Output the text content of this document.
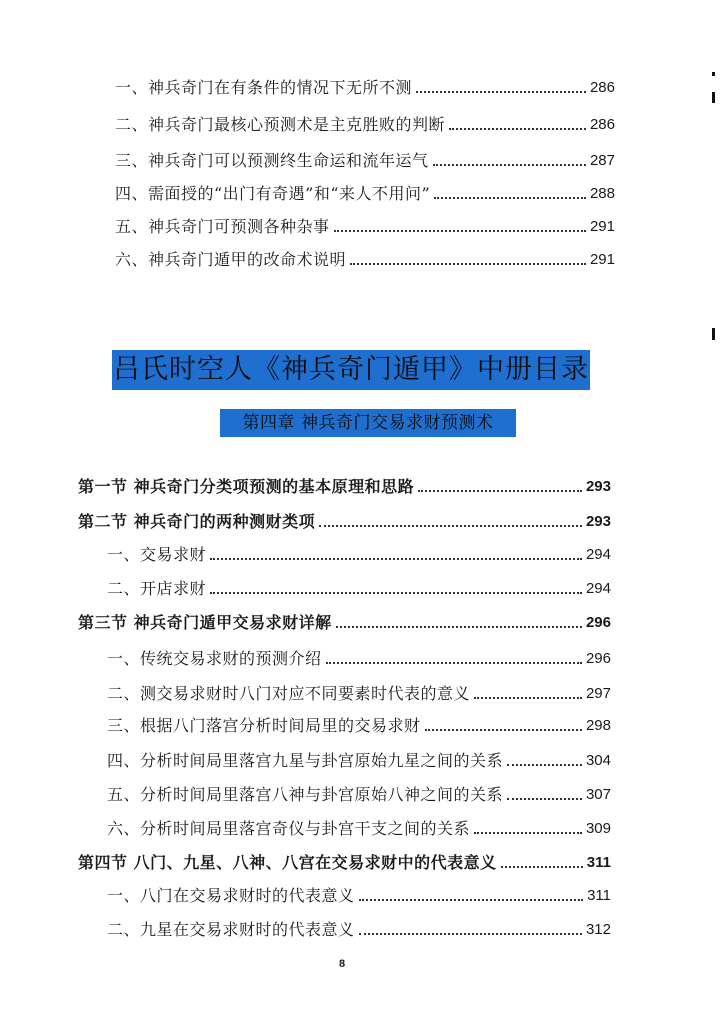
一、神兵奇门在有条件的情况下无所不测	286
二、神兵奇门最核心预测术是主克胜败的判断	286
三、神兵奇门可以预测终生命运和流年运气	287
四、需面授的“出门有奇遇”和“来人不用问”	288
五、神兵奇门可预测各种杂事	291
六、神兵奇门遁甲的改命术说明	291
吕氏时空人《神兵奇门遁甲》中册目录
第四章 神兵奇门交易求财预测术
第一节 神兵奇门分类项预测的基本原理和思路	293
第二节 神兵奇门的两种测财类项	293
一、交易求财	294
二、开店求财	294
第三节 神兵奇门遁甲交易求财详解	296
一、传统交易求财的预测介绍	296
二、测交易求财时八门对应不同要素时代表的意义	297
三、根据八门落宫分析时间局里的交易求财	298
四、分析时间局里落宫九星与卦宫原始九星之间的关系	304
五、分析时间局里落宫八神与卦宫原始八神之间的关系	307
六、分析时间局里落宫奇仪与卦宫干支之间的关系	309
第四节 八门、九星、八神、八宫在交易求财中的代表意义	311
一、八门在交易求财时的代表意义	311
二、九星在交易求财时的代表意义	312
8
